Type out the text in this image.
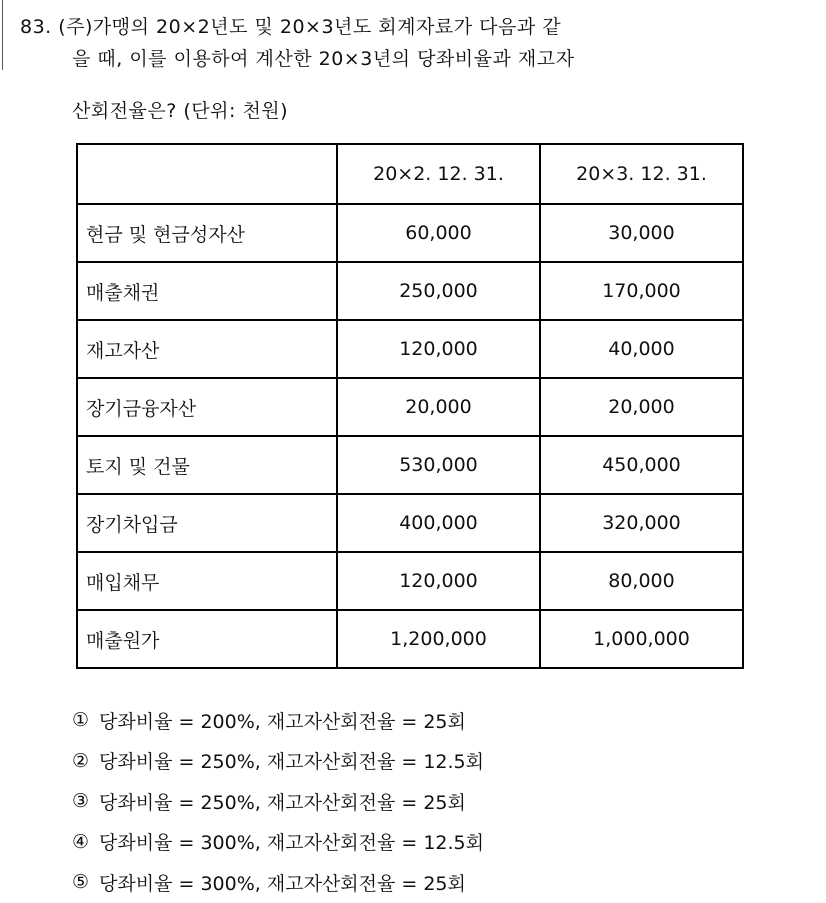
83. (주)가맹의 20×2년도 및 20×3년도 회계자료가 다음과 같
을 때, 이를 이용하여 계산한 20×3년의 당좌비율과 재고자
산회전율은? (단위: 천원)
	20×2. 12. 31.	20×3. 12. 31.
현금 및 현금성자산	60,000	30,000
매출채권	250,000	170,000
재고자산	120,000	40,000
장기금융자산	20,000	20,000
토지 및 건물	530,000	450,000
장기차입금	400,000	320,000
매입채무	120,000	80,000
매출원가	1,200,000	1,000,000
① 당좌비율 = 200%, 재고자산회전율 = 25회
② 당좌비율 = 250%, 재고자산회전율 = 12.5회
③ 당좌비율 = 250%, 재고자산회전율 = 25회
④ 당좌비율 = 300%, 재고자산회전율 = 12.5회
⑤ 당좌비율 = 300%, 재고자산회전율 = 25회
